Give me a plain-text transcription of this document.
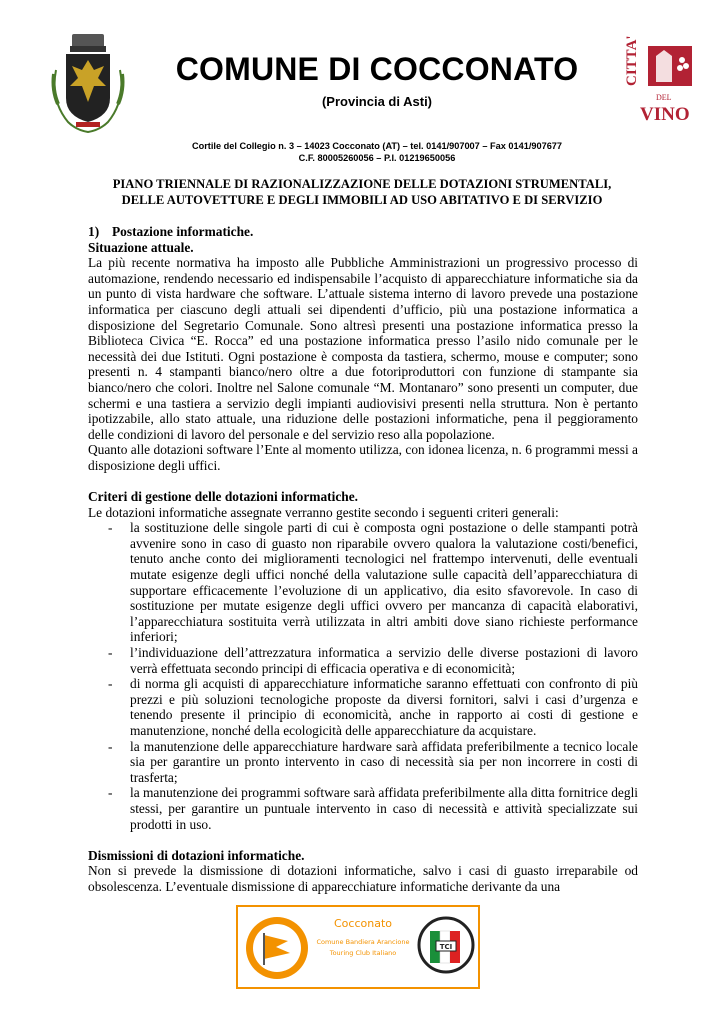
COMUNE DI COCCONATO

(Provincia di Asti)

CITTA'
DEL
VINO
Cortile del Collegio n. 3 – 14023 Cocconato (AT) – tel. 0141/907007 – Fax 0141/907677
C.F. 80005260056 – P.I. 01219650056
PIANO TRIENNALE DI RAZIONALIZZAZIONE DELLE DOTAZIONI STRUMENTALI,
DELLE AUTOVETTURE E DEGLI IMMOBILI AD USO ABITATIVO E DI SERVIZIO

1) Postazione informatiche.

Situazione attuale.

La più recente normativa ha imposto alle Pubbliche Amministrazioni un progressivo processo di automazione, rendendo necessario ed indispensabile l’acquisto di apparecchiature informatiche sia da un punto di vista hardware che software. L’attuale sistema interno di lavoro prevede una postazione informatica per ciascuno degli attuali sei dipendenti d’ufficio, più una postazione informatica a disposizione del Segretario Comunale. Sono altresì presenti una postazione informatica presso la Biblioteca Civica “E. Rocca” ed una postazione informatica presso l’asilo nido comunale per le necessità dei due Istituti. Ogni postazione è composta da tastiera, schermo, mouse e computer; sono presenti n. 4 stampanti bianco/nero oltre a due fotoriproduttori con funzione di stampante sia bianco/nero che colori. Inoltre nel Salone comunale “M. Montanaro” sono presenti un computer, due schermi e una tastiera a servizio degli impianti audiovisivi presenti nella struttura. Non è pertanto ipotizzabile, allo stato attuale, una riduzione delle postazioni informatiche, pena il peggioramento delle condizioni di lavoro del personale e del servizio reso alla popolazione.

Quanto alle dotazioni software l’Ente al momento utilizza, con idonea licenza, n. 6 programmi messi a disposizione degli uffici.

Criteri di gestione delle dotazioni informatiche.

Le dotazioni informatiche assegnate verranno gestite secondo i seguenti criteri generali:

- la sostituzione delle singole parti di cui è composta ogni postazione o delle stampanti potrà avvenire sono in caso di guasto non riparabile ovvero qualora la valutazione costi/benefici, tenuto anche conto dei miglioramenti tecnologici nel frattempo intervenuti, delle eventuali mutate esigenze degli uffici nonché della valutazione sulle capacità dell’apparecchiatura di supportare efficacemente l’evoluzione di un applicativo, dia esito sfavorevole. In caso di sostituzione per mutate esigenze degli uffici ovvero per mancanza di capacità elaborativi, l’apparecchiatura sostituita verrà utilizzata in altri ambiti dove siano richieste performance inferiori;
- l’individuazione dell’attrezzatura informatica a servizio delle diverse postazioni di lavoro verrà effettuata secondo principi di efficacia operativa e di economicità;
- di norma gli acquisti di apparecchiature informatiche saranno effettuati con confronto di più prezzi e più soluzioni tecnologiche proposte da diversi fornitori, salvi i casi d’urgenza e tenendo presente il principio di economicità, anche in rapporto ai costi di gestione e manutenzione, nonché della ecologicità delle apparecchiature da acquistare.
- la manutenzione delle apparecchiature hardware sarà affidata preferibilmente a tecnico locale sia per garantire un pronto intervento in caso di necessità sia per non incorrere in costi di trasferta;
- la manutenzione dei programmi software sarà affidata preferibilmente alla ditta fornitrice degli stessi, per garantire un puntuale intervento in caso di necessità e attività specializzate sui prodotti in uso.

Dismissioni di dotazioni informatiche.

Non si prevede la dismissione di dotazioni informatiche, salvo i casi di guasto irreparabile od obsolescenza. L’eventuale dismissione di apparecchiature informatiche derivante da una

Cocconato
Comune Bandiera Arancione
Touring Club Italiano
TCI
